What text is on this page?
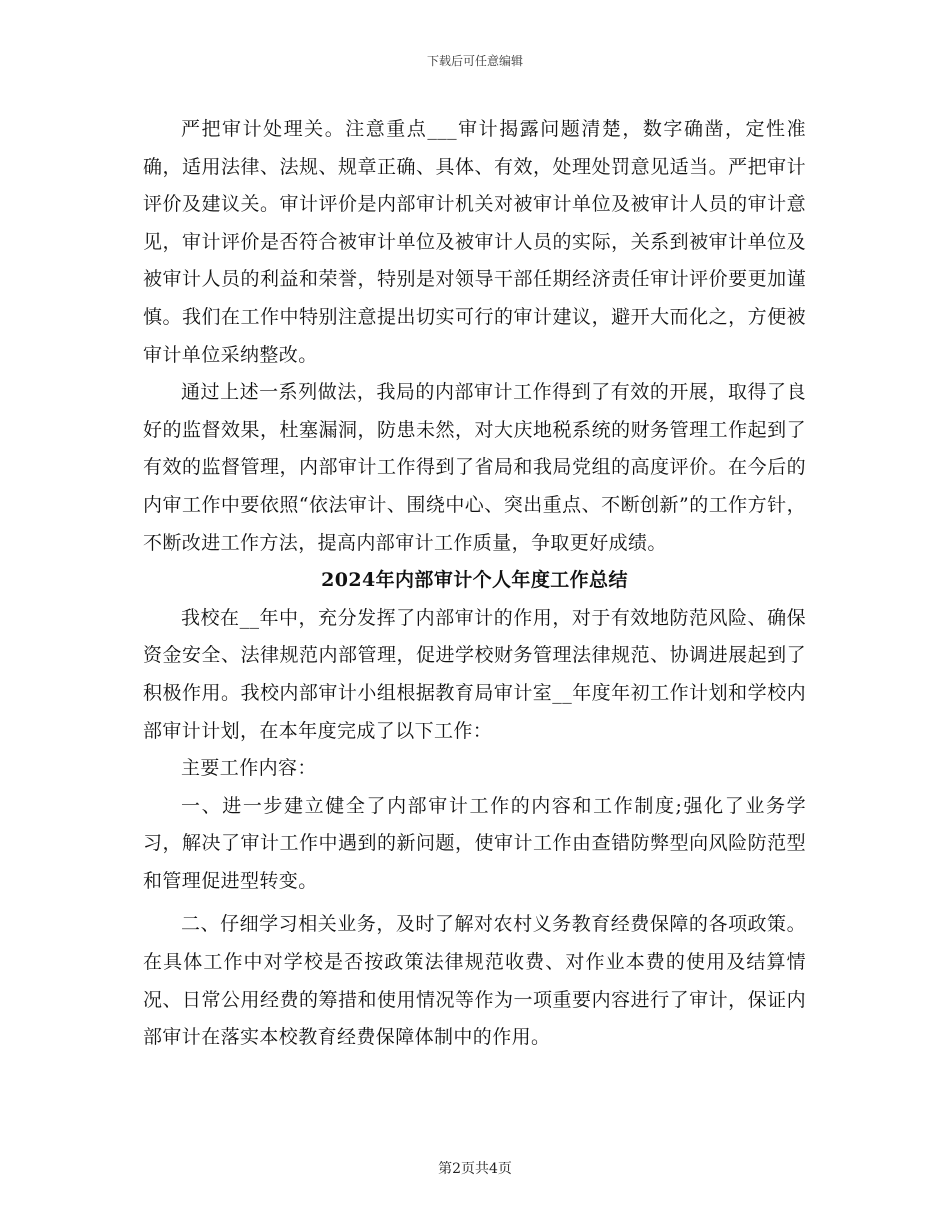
下载后可任意编辑

严把审计处理关。注意重点___审计揭露问题清楚，数字确凿，定性准确，适用法律、法规、规章正确、具体、有效，处理处罚意见适当。严把审计评价及建议关。审计评价是内部审计机关对被审计单位及被审计人员的审计意见，审计评价是否符合被审计单位及被审计人员的实际，关系到被审计单位及被审计人员的利益和荣誉，特别是对领导干部任期经济责任审计评价要更加谨慎。我们在工作中特别注意提出切实可行的审计建议，避开大而化之，方便被审计单位采纳整改。

通过上述一系列做法，我局的内部审计工作得到了有效的开展，取得了良好的监督效果，杜塞漏洞，防患未然，对大庆地税系统的财务管理工作起到了有效的监督管理，内部审计工作得到了省局和我局党组的高度评价。在今后的内审工作中要依照“依法审计、围绕中心、突出重点、不断创新”的工作方针，不断改进工作方法，提高内部审计工作质量，争取更好成绩。

2024年内部审计个人年度工作总结

我校在__年中，充分发挥了内部审计的作用，对于有效地防范风险、确保资金安全、法律规范内部管理，促进学校财务管理法律规范、协调进展起到了积极作用。我校内部审计小组根据教育局审计室__年度年初工作计划和学校内部审计计划，在本年度完成了以下工作：

主要工作内容：

一、进一步建立健全了内部审计工作的内容和工作制度;强化了业务学习，解决了审计工作中遇到的新问题，使审计工作由查错防弊型向风险防范型和管理促进型转变。

二、仔细学习相关业务，及时了解对农村义务教育经费保障的各项政策。在具体工作中对学校是否按政策法律规范收费、对作业本费的使用及结算情况、日常公用经费的筹措和使用情况等作为一项重要内容进行了审计，保证内部审计在落实本校教育经费保障体制中的作用。

第2页共4页
